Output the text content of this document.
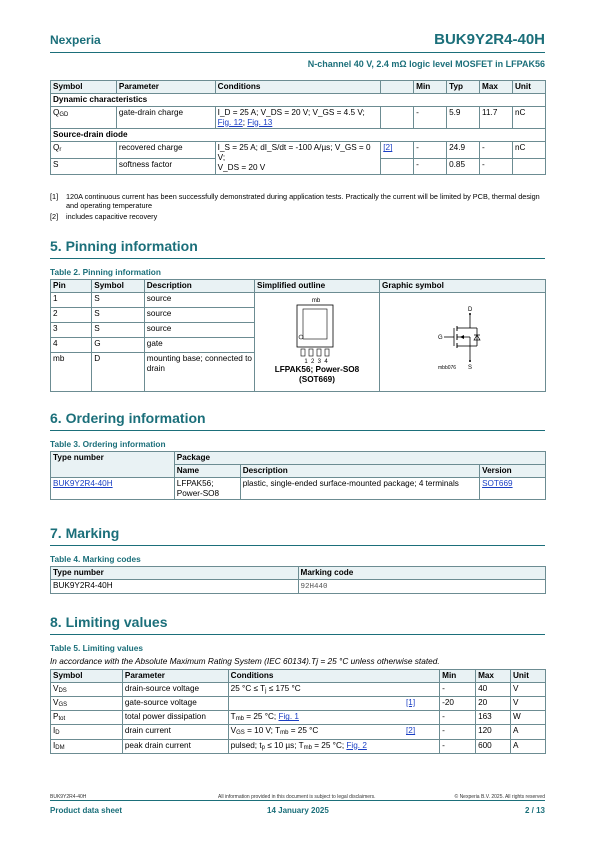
Nexperia	BUK9Y2R4-40H
N-channel 40 V, 2.4 mΩ logic level MOSFET in LFPAK56
Symbol	Parameter	Conditions		Min	Typ	Max	Unit
Dynamic characteristics							
$Q_{GD}$	gate-drain charge	I_D = 25 A; V_DS = 20 V; V_GS = 4.5 V;
Fig. 12; Fig. 13		-	5.9	11.7	nC
Source-drain diode							
$Q_r$	recovered charge	I_S = 25 A; dI_S/dt = -100 A/µs; V_GS = 0 V;
V_DS = 20 V	[2]	-	24.9	-	nC
S	softness factor			-	0.85	-	
[1] 120A continuous current has been successfully demonstrated during application tests. Practically the current will be limited by PCB, thermal design and operating temperature
[2] includes capacitive recovery
5. Pinning information
Table 2. Pinning information
Pin	Symbol	Description	Simplified outline	Graphic symbol
1	S	source	mb
1  2  3  4
LFPAK56; Power-SO8 (SOT669)	D
G
S
mbb076

2	S	source		
3	S	source		
4	G	gate		
mb	D	mounting base; connected to drain		
6. Ordering information
Table 3. Ordering information
Type number	Package		
	Name	Description	Version
BUK9Y2R4-40H	LFPAK56; Power-SO8	plastic, single-ended surface-mounted package; 4 terminals	SOT669
7. Marking
Table 4. Marking codes
Type number	Marking code
BUK9Y2R4-40H	92H440
8. Limiting values
Table 5. Limiting values
In accordance with the Absolute Maximum Rating System (IEC 60134).Tj = 25 °C unless otherwise stated.
Symbol	Parameter	Conditions	Min	Max	Unit
$V_{DS}$	drain-source voltage	25 $^\circ C \le T_j \le 175$ °C	-	40	V
$V_{GS}$	gate-source voltage	[1]	-20	20	V
$P_{tot}$	total power dissipation	$T_{mb} = 25$ °C; Fig. 1	-	163	W
$I_D$	drain current	$V_{GS} = 10$ V; $T_{mb} = 25$ °C [2]	-	120	A
$I_{DM}$	peak drain current	pulsed; $t_p \le 10$ µs; $T_{mb} = 25$ °C; Fig. 2	-	600	A
BUK9Y2R4-40H	All information provided in this document is subject to legal disclaimers.	© Nexperia B.V. 2025. All rights reserved
Product data sheet	14 January 2025	2 / 13
